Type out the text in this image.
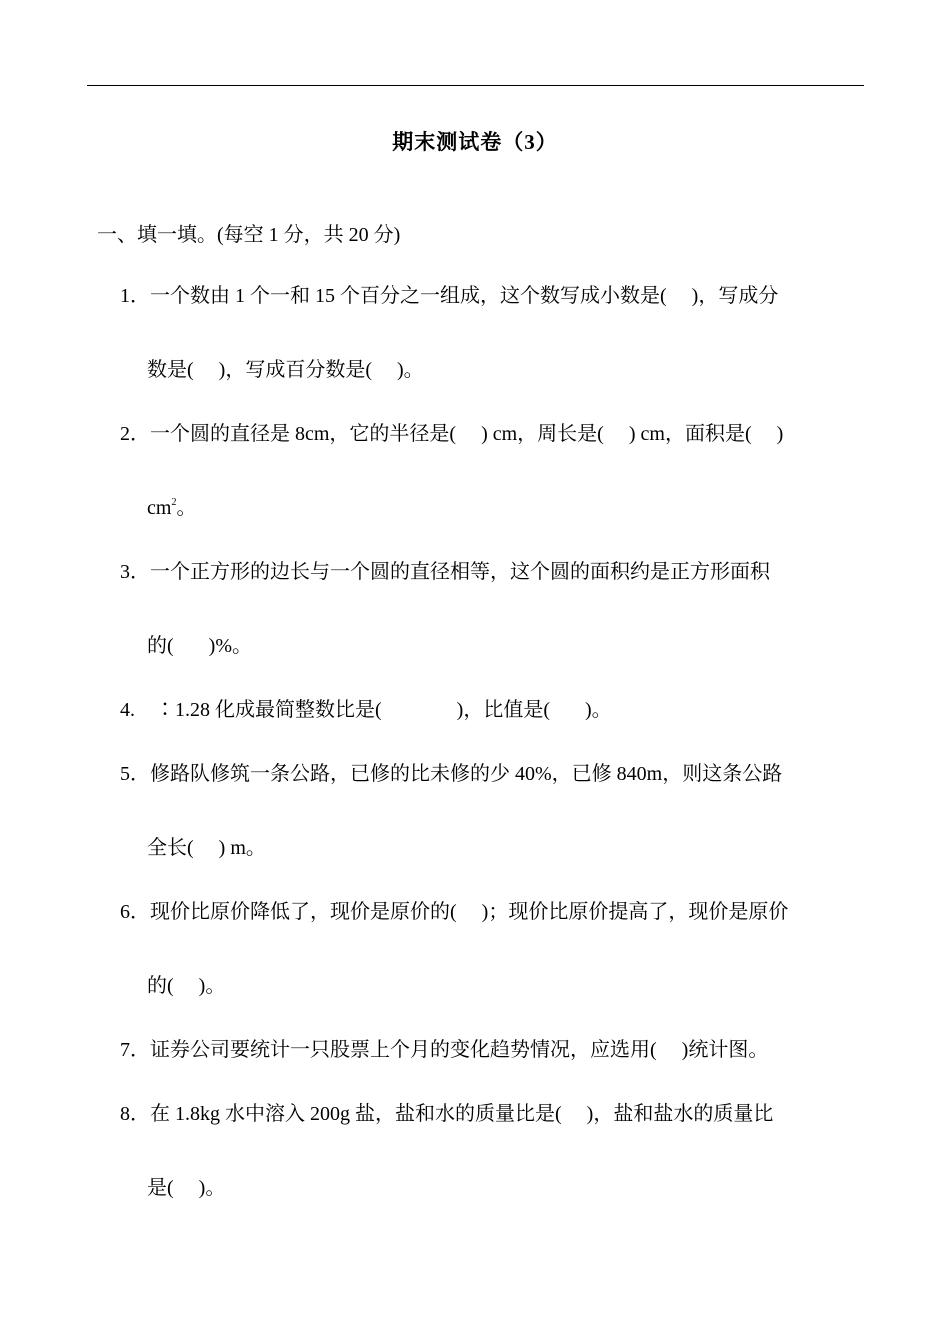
期末测试卷（3）
一、填一填。(每空 1 分，共 20 分)
1．一个数由 1 个一和 15 个百分之一组成，这个数写成小数是(  )，写成分
数是(  )，写成百分数是(  )。
2．一个圆的直径是 8cm，它的半径是(  ) cm，周长是(  ) cm，面积是(  )
$cm^2$。
3．一个正方形的边长与一个圆的直径相等，这个圆的面积约是正方形面积
的(   )%。
4. ∶1.28 化成最简整数比是(     )，比值是(   )。
5．修路队修筑一条公路，已修的比未修的少 40%，已修 840m，则这条公路
全长(  ) m。
6．现价比原价降低了，现价是原价的(  )；现价比原价提高了，现价是原价
的(  )。
7．证券公司要统计一只股票上个月的变化趋势情况，应选用(  )统计图。
8．在 1.8kg 水中溶入 200g 盐，盐和水的质量比是(  )，盐和盐水的质量比
是(  )。
